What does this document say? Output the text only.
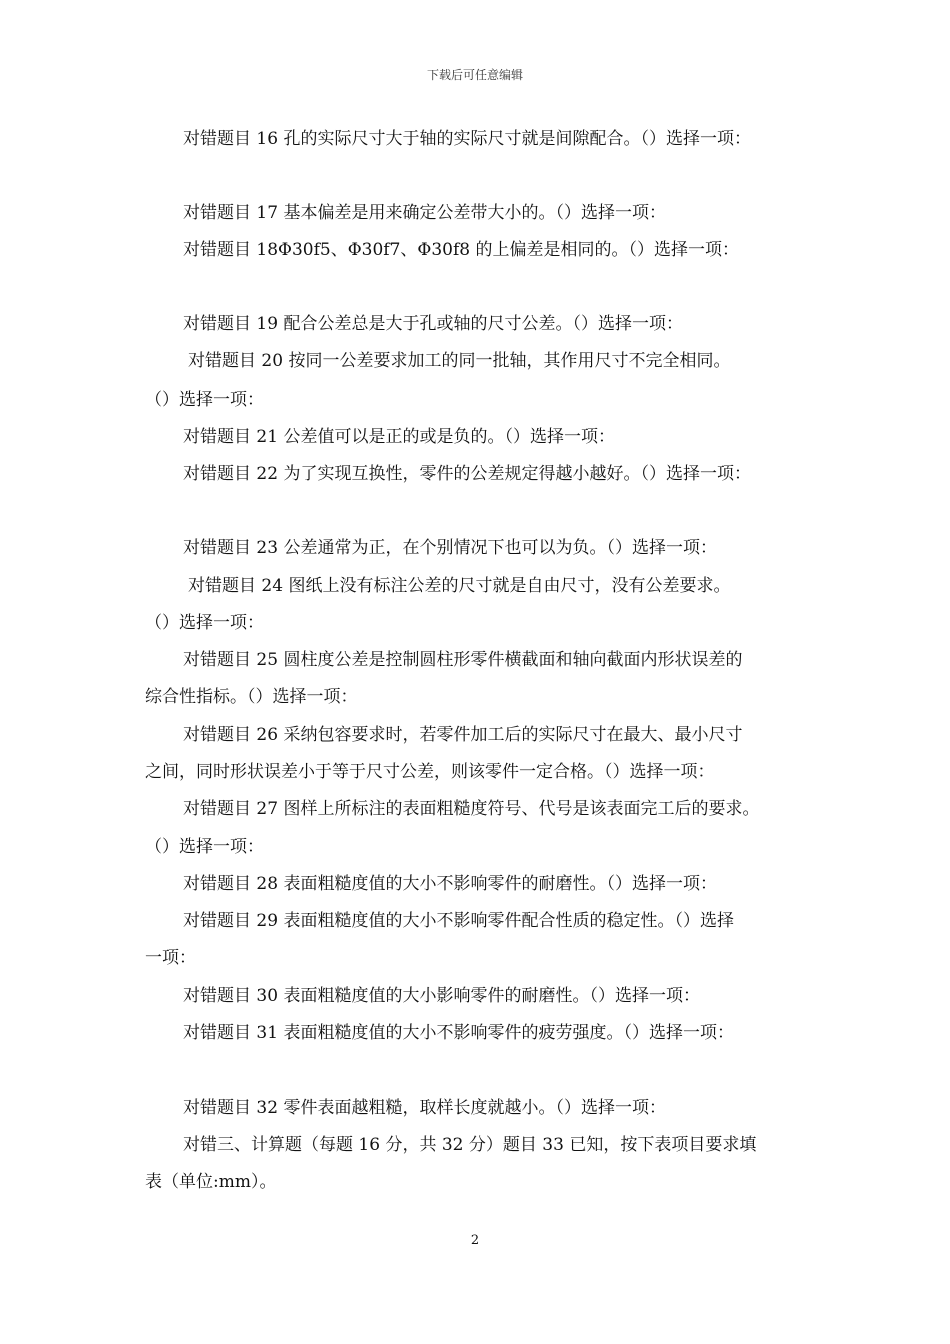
下载后可任意编辑
对错题目 16 孔的实际尺寸大于轴的实际尺寸就是间隙配合。（）选择一项：
对错题目 17 基本偏差是用来确定公差带大小的。（）选择一项：
对错题目 18Φ30f5、Φ30f7、Φ30f8 的上偏差是相同的。（）选择一项：
对错题目 19 配合公差总是大于孔或轴的尺寸公差。（）选择一项：
对错题目 20 按同一公差要求加工的同一批轴，其作用尺寸不完全相同。
（）选择一项：
对错题目 21 公差值可以是正的或是负的。（）选择一项：
对错题目 22 为了实现互换性，零件的公差规定得越小越好。（）选择一项：
对错题目 23 公差通常为正，在个别情况下也可以为负。（）选择一项：
对错题目 24 图纸上没有标注公差的尺寸就是自由尺寸，没有公差要求。
（）选择一项：
对错题目 25 圆柱度公差是控制圆柱形零件横截面和轴向截面内形状误差的
综合性指标。（）选择一项：
对错题目 26 采纳包容要求时，若零件加工后的实际尺寸在最大、最小尺寸
之间，同时形状误差小于等于尺寸公差，则该零件一定合格。（）选择一项：
对错题目 27 图样上所标注的表面粗糙度符号、代号是该表面完工后的要求。
（）选择一项：
对错题目 28 表面粗糙度值的大小不影响零件的耐磨性。（）选择一项：
对错题目 29 表面粗糙度值的大小不影响零件配合性质的稳定性。（）选择
一项：
对错题目 30 表面粗糙度值的大小影响零件的耐磨性。（）选择一项：
对错题目 31 表面粗糙度值的大小不影响零件的疲劳强度。（）选择一项：
对错题目 32 零件表面越粗糙，取样长度就越小。（）选择一项：
对错三、计算题（每题 16 分，共 32 分）题目 33 已知，按下表项目要求填
表（单位:mm）。
2
